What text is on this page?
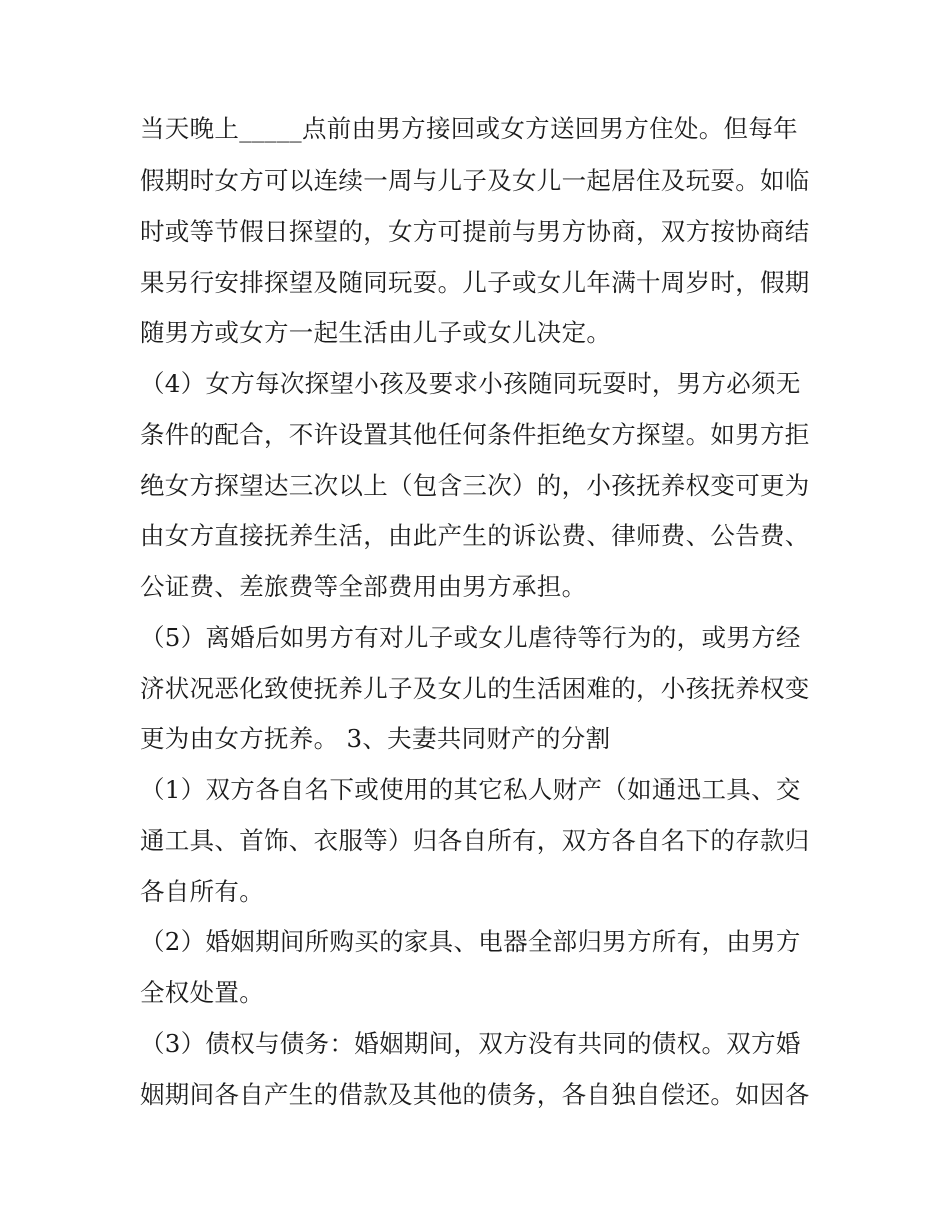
当天晚上_____点前由男方接回或女方送回男方住处。但每年
假期时女方可以连续一周与儿子及女儿一起居住及玩耍。如临
时或等节假日探望的，女方可提前与男方协商，双方按协商结
果另行安排探望及随同玩耍。儿子或女儿年满十周岁时，假期
随男方或女方一起生活由儿子或女儿决定。
（4）女方每次探望小孩及要求小孩随同玩耍时，男方必须无
条件的配合，不许设置其他任何条件拒绝女方探望。如男方拒
绝女方探望达三次以上（包含三次）的，小孩抚养权变可更为
由女方直接抚养生活，由此产生的诉讼费、律师费、公告费、
公证费、差旅费等全部费用由男方承担。
（5）离婚后如男方有对儿子或女儿虐待等行为的，或男方经
济状况恶化致使抚养儿子及女儿的生活困难的，小孩抚养权变
更为由女方抚养。 3、夫妻共同财产的分割
（1）双方各自名下或使用的其它私人财产（如通迅工具、交
通工具、首饰、衣服等）归各自所有，双方各自名下的存款归
各自所有。
（2）婚姻期间所购买的家具、电器全部归男方所有，由男方
全权处置。
（3）债权与债务：婚姻期间，双方没有共同的债权。双方婚
姻期间各自产生的借款及其他的债务，各自独自偿还。如因各
